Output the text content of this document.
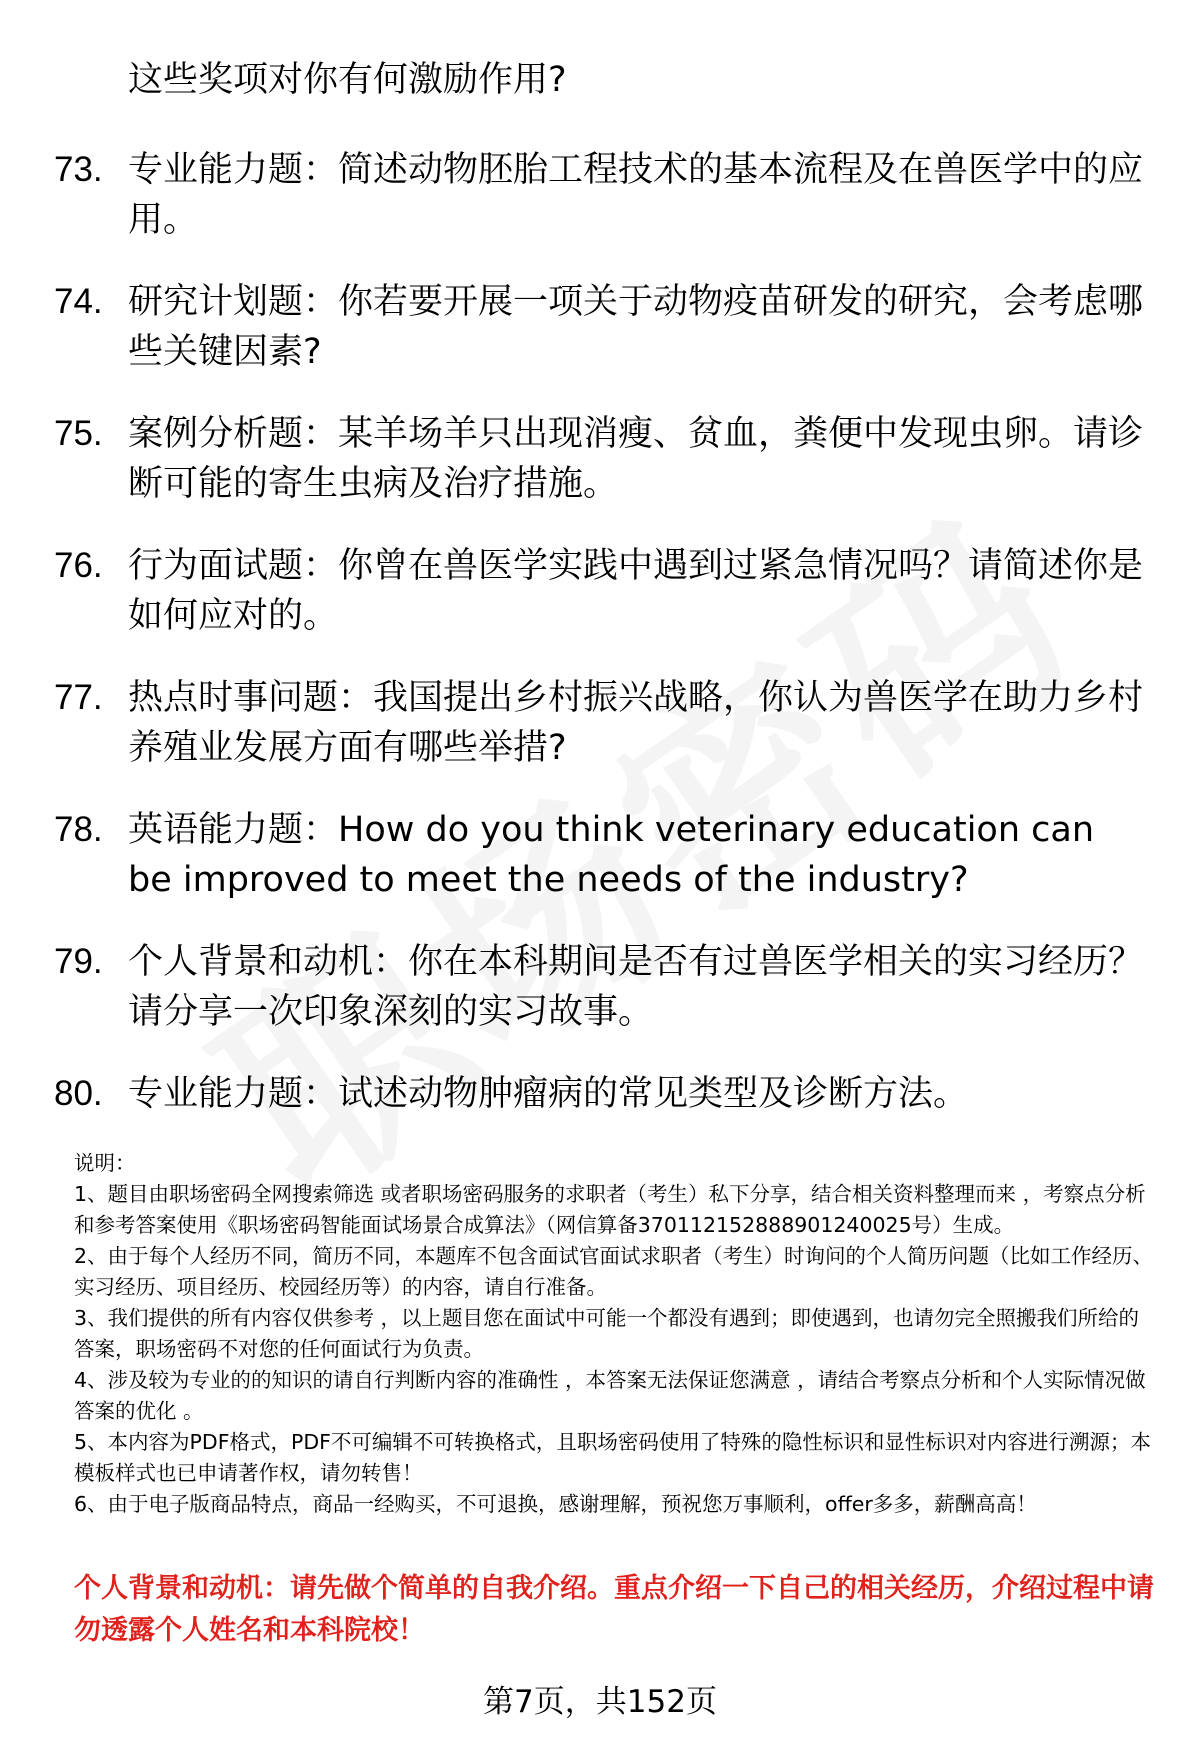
这些奖项对你有何激励作用?
73. 专业能力题：简述动物胚胎工程技术的基本流程及在兽医学中的应用。
74. 研究计划题：你若要开展一项关于动物疫苗研发的研究，会考虑哪些关键因素?
75. 案例分析题：某羊场羊只出现消瘦、贫血，粪便中发现虫卵。请诊断可能的寄生虫病及治疗措施。
76. 行为面试题：你曾在兽医学实践中遇到过紧急情况吗？请简述你是如何应对的。
77. 热点时事问题：我国提出乡村振兴战略，你认为兽医学在助力乡村养殖业发展方面有哪些举措?
78. 英语能力题：How do you think veterinary education can be improved to meet the needs of the industry?
79. 个人背景和动机：你在本科期间是否有过兽医学相关的实习经历？请分享一次印象深刻的实习故事。
80. 专业能力题：试述动物肿瘤病的常见类型及诊断方法。

说明：

1、题目由职场密码全网搜索筛选 或者职场密码服务的求职者（考生）私下分享，结合相关资料整理而来 ，考察点分析和参考答案使用《职场密码智能面试场景合成算法》（网信算备370112152888901240025号）生成。

2、由于每个人经历不同，简历不同，本题库不包含面试官面试求职者（考生）时询问的个人简历问题（比如工作经历、实习经历、项目经历、校园经历等）的内容，请自行准备。

3、我们提供的所有内容仅供参考 ，以上题目您在面试中可能一个都没有遇到；即使遇到，也请勿完全照搬我们所给的答案，职场密码不对您的任何面试行为负责。

4、涉及较为专业的的知识的请自行判断内容的准确性 ，本答案无法保证您满意 ，请结合考察点分析和个人实际情况做答案的优化 。

5、本内容为PDF格式，PDF不可编辑不可转换格式，且职场密码使用了特殊的隐性标识和显性标识对内容进行溯源；本模板样式也已申请著作权，请勿转售！

6、由于电子版商品特点，商品一经购买，不可退换，感谢理解，预祝您万事顺利，offer多多，薪酬高高！

个人背景和动机：请先做个简单的自我介绍。重点介绍一下自己的相关经历，介绍过程中请勿透露个人姓名和本科院校！
第7页，共152页
